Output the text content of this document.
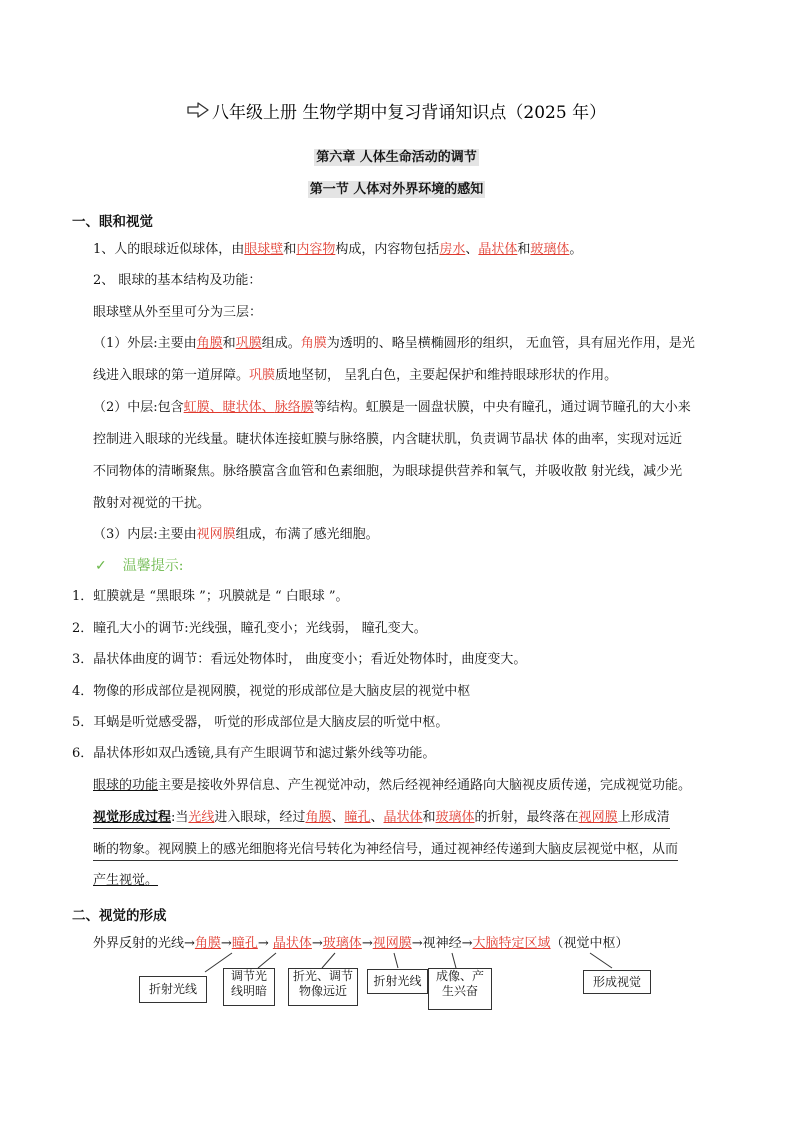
八年级上册 生物学期中复习背诵知识点（2025 年）
第六章 人体生命活动的调节
第一节 人体对外界环境的感知
一、眼和视觉
1、人的眼球近似球体，由眼球壁和内容物构成，内容物包括房水、晶状体和玻璃体。
2、 眼球的基本结构及功能：
眼球壁从外至里可分为三层：
（1）外层:主要由角膜和巩膜组成。角膜为透明的、略呈横椭圆形的组织， 无血管，具有屈光作用，是光
线进入眼球的第一道屏障。巩膜质地坚韧， 呈乳白色，主要起保护和维持眼球形状的作用。
（2）中层:包含虹膜、睫状体、脉络膜等结构。虹膜是一圆盘状膜，中央有瞳孔，通过调节瞳孔的大小来
控制进入眼球的光线量。睫状体连接虹膜与脉络膜，内含睫状肌，负责调节晶状 体的曲率，实现对远近
不同物体的清晰聚焦。脉络膜富含血管和色素细胞，为眼球提供营养和氧气，并吸收散 射光线，减少光
散射对视觉的干扰。
（3）内层:主要由视网膜组成，布满了感光细胞。
✓ 温馨提示:
1．虹膜就是 “黑眼珠 ”；巩膜就是 “ 白眼球 ”。
2．瞳孔大小的调节:光线强，瞳孔变小；光线弱， 瞳孔变大。
3．晶状体曲度的调节：看远处物体时， 曲度变小；看近处物体时，曲度变大。
4．物像的形成部位是视网膜，视觉的形成部位是大脑皮层的视觉中枢
5．耳蜗是听觉感受器， 听觉的形成部位是大脑皮层的听觉中枢。
6．晶状体形如双凸透镜,具有产生眼调节和滤过紫外线等功能。
眼球的功能主要是接收外界信息、产生视觉冲动，然后经视神经通路向大脑视皮质传递，完成视觉功能。
视觉形成过程:当光线进入眼球，经过角膜、瞳孔、晶状体和玻璃体的折射，最终落在视网膜上形成清
晰的物象。视网膜上的感光细胞将光信号转化为神经信号，通过视神经传递到大脑皮层视觉中枢，从而
产生视觉。
二、视觉的形成
外界反射的光线→角膜→瞳孔→ 晶状体→玻璃体→视网膜→视神经→大脑特定区域（视觉中枢）
折射光线
调节光
线明暗
折光、调节
物像远近
折射光线	成像、产
生兴奋
形成视觉
